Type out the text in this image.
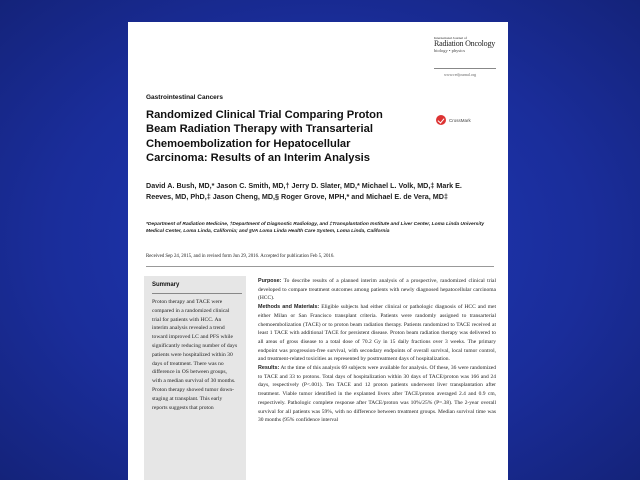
International Journal of
Radiation Oncology
biology • physics
www.redjournal.org
Gastrointestinal Cancers
Randomized Clinical Trial Comparing Proton Beam Radiation Therapy with Transarterial Chemoembolization for Hepatocellular Carcinoma: Results of an Interim Analysis
CrossMark
David A. Bush, MD,* Jason C. Smith, MD,† Jerry D. Slater, MD,* Michael L. Volk, MD,‡ Mark E. Reeves, MD, PhD,‡ Jason Cheng, MD,§ Roger Grove, MPH,* and Michael E. de Vera, MD‡
*Department of Radiation Medicine, †Department of Diagnostic Radiology, and ‡Transplantation Institute and Liver Center, Loma Linda University Medical Center, Loma Linda, California; and §VA Loma Linda Health Care System, Loma Linda, California
Received Sep 24, 2015, and in revised form Jun 29, 2016. Accepted for publication Feb 5, 2016.
Summary
Proton therapy and TACE were compared in a randomized clinical trial for patients with HCC. An interim analysis revealed a trend toward improved LC and PFS while significantly reducing number of days patients were hospitalized within 30 days of treatment. There was no difference in OS between groups, with a median survival of 30 months. Proton therapy showed tumor down-staging at transplant. This early reports suggests that proton

Purpose: To describe results of a planned interim analysis of a prospective, randomized clinical trial developed to compare treatment outcomes among patients with newly diagnosed hepatocellular carcinoma (HCC).

Methods and Materials: Eligible subjects had either clinical or pathologic diagnosis of HCC and met either Milan or San Francisco transplant criteria. Patients were randomly assigned to transarterial chemoembolization (TACE) or to proton beam radiation therapy. Patients randomized to TACE received at least 1 TACE with additional TACE for persistent disease. Proton beam radiation therapy was delivered to all areas of gross disease to a total dose of 70.2 Gy in 15 daily fractions over 3 weeks. The primary endpoint was progression-free survival, with secondary endpoints of overall survival, local tumor control, and treatment-related toxicities as represented by posttreatment days of hospitalization.

Results: At the time of this analysis 69 subjects were available for analysis. Of these, 36 were randomized to TACE and 33 to protons. Total days of hospitalization within 30 days of TACE/proton was 166 and 24 days, respectively (P<.001). Ten TACE and 12 proton patients underwent liver transplantation after treatment. Viable tumor identified in the explanted livers after TACE/proton averaged 2.4 and 0.9 cm, respectively. Pathologic complete response after TACE/proton was 10%/25% (P=.38). The 2-year overall survival for all patients was 59%, with no difference between treatment groups. Median survival time was 30 months (95% confidence interval
